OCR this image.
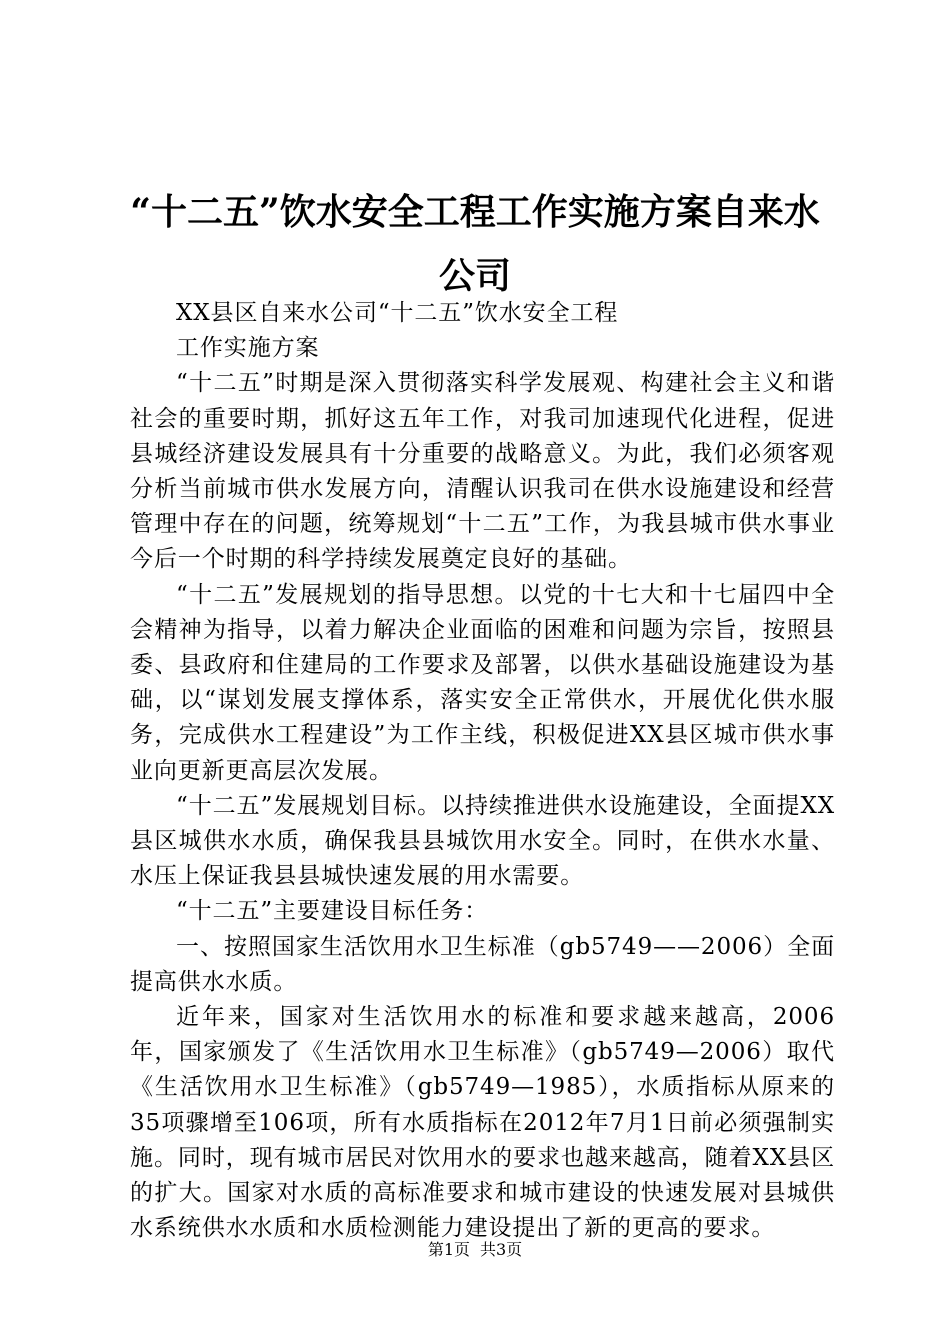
“十二五”饮水安全工程工作实施方案自来水公司

XX县区自来水公司“十二五”饮水安全工程

工作实施方案

“十二五”时期是深入贯彻落实科学发展观、构建社会主义和谐社会的重要时期，抓好这五年工作，对我司加速现代化进程，促进县城经济建设发展具有十分重要的战略意义。为此，我们必须客观分析当前城市供水发展方向，清醒认识我司在供水设施建设和经营管理中存在的问题，统筹规划“十二五”工作，为我县城市供水事业今后一个时期的科学持续发展奠定良好的基础。

“十二五”发展规划的指导思想。以党的十七大和十七届四中全会精神为指导，以着力解决企业面临的困难和问题为宗旨，按照县委、县政府和住建局的工作要求及部署，以供水基础设施建设为基础，以“谋划发展支撑体系，落实安全正常供水，开展优化供水服务，完成供水工程建设”为工作主线，积极促进XX县区城市供水事业向更新更高层次发展。

“十二五”发展规划目标。以持续推进供水设施建设，全面提XX县区城供水水质，确保我县县城饮用水安全。同时，在供水水量、水压上保证我县县城快速发展的用水需要。

“十二五”主要建设目标任务：

一、按照国家生活饮用水卫生标准（gb5749——2006）全面提高供水水质。

近年来，国家对生活饮用水的标准和要求越来越高，2006年，国家颁发了《生活饮用水卫生标准》（gb5749—2006）取代《生活饮用水卫生标准》（gb5749—1985），水质指标从原来的35项骤增至106项，所有水质指标在2012年7月1日前必须强制实施。同时，现有城市居民对饮用水的要求也越来越高，随着XX县区的扩大。国家对水质的高标准要求和城市建设的快速发展对县城供水系统供水水质和水质检测能力建设提出了新的更高的要求。

第1页 共3页
